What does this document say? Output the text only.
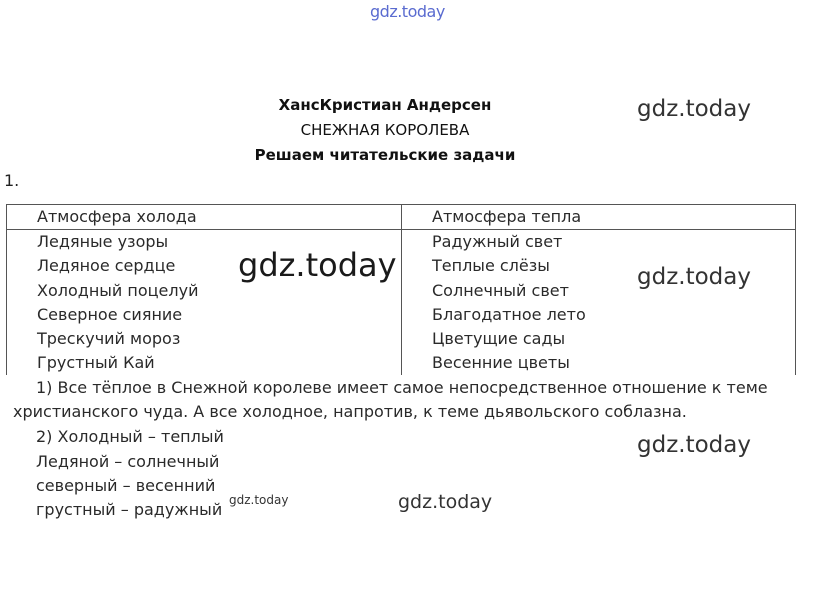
gdz.today
ХансКристиан Андерсен
СНЕЖНАЯ КОРОЛЕВА
Решаем читательские задачи
gdz.today
1.
Атмосфера холода	Атмосфера тепла
Ледяные узоры	Радужный свет
Ледяное сердце	Теплые слёзы
Холодный поцелуй	Солнечный свет
Северное сияние	Благодатное лето
Трескучий мороз	Цветущие сады
Грустный Кай	Весенние цветы
gdz.today	gdz.today
1) Все тёплое в Снежной королеве имеет самое непосредственное отношение к теме
христианского чуда. А все холодное, напротив, к теме дьявольского соблазна.
2) Холодный – теплый
Ледяной – солнечный
северный – весенний
грустный – радужный
gdz.today
gdz.today	gdz.today
